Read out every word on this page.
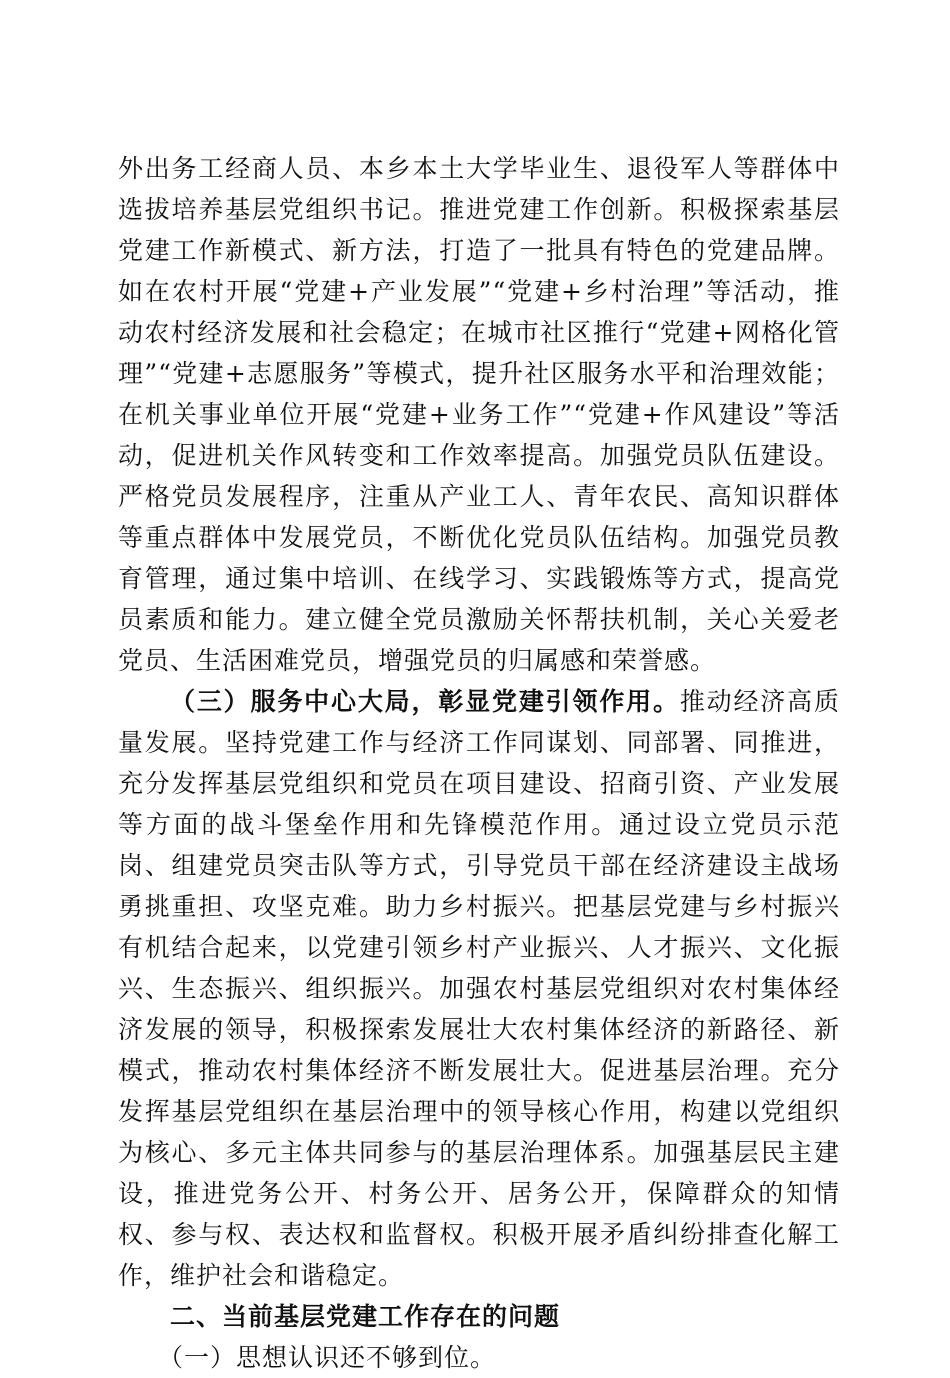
外出务工经商人员、本乡本土大学毕业生、退役军人等群体中选拔培养基层党组织书记。推进党建工作创新。积极探索基层党建工作新模式、新方法，打造了一批具有特色的党建品牌。如在农村开展“党建+产业发展”“党建+乡村治理”等活动，推动农村经济发展和社会稳定；在城市社区推行“党建+网格化管理”“党建+志愿服务”等模式，提升社区服务水平和治理效能；在机关事业单位开展“党建+业务工作”“党建+作风建设”等活动，促进机关作风转变和工作效率提高。加强党员队伍建设。严格党员发展程序，注重从产业工人、青年农民、高知识群体等重点群体中发展党员，不断优化党员队伍结构。加强党员教育管理，通过集中培训、在线学习、实践锻炼等方式，提高党员素质和能力。建立健全党员激励关怀帮扶机制，关心关爱老党员、生活困难党员，增强党员的归属感和荣誉感。

（三）服务中心大局，彰显党建引领作用。推动经济高质量发展。坚持党建工作与经济工作同谋划、同部署、同推进，充分发挥基层党组织和党员在项目建设、招商引资、产业发展等方面的战斗堡垒作用和先锋模范作用。通过设立党员示范岗、组建党员突击队等方式，引导党员干部在经济建设主战场勇挑重担、攻坚克难。助力乡村振兴。把基层党建与乡村振兴有机结合起来，以党建引领乡村产业振兴、人才振兴、文化振兴、生态振兴、组织振兴。加强农村基层党组织对农村集体经济发展的领导，积极探索发展壮大农村集体经济的新路径、新模式，推动农村集体经济不断发展壮大。促进基层治理。充分发挥基层党组织在基层治理中的领导核心作用，构建以党组织为核心、多元主体共同参与的基层治理体系。加强基层民主建设，推进党务公开、村务公开、居务公开，保障群众的知情权、参与权、表达权和监督权。积极开展矛盾纠纷排查化解工作，维护社会和谐稳定。

二、当前基层党建工作存在的问题

（一）思想认识还不够到位。
